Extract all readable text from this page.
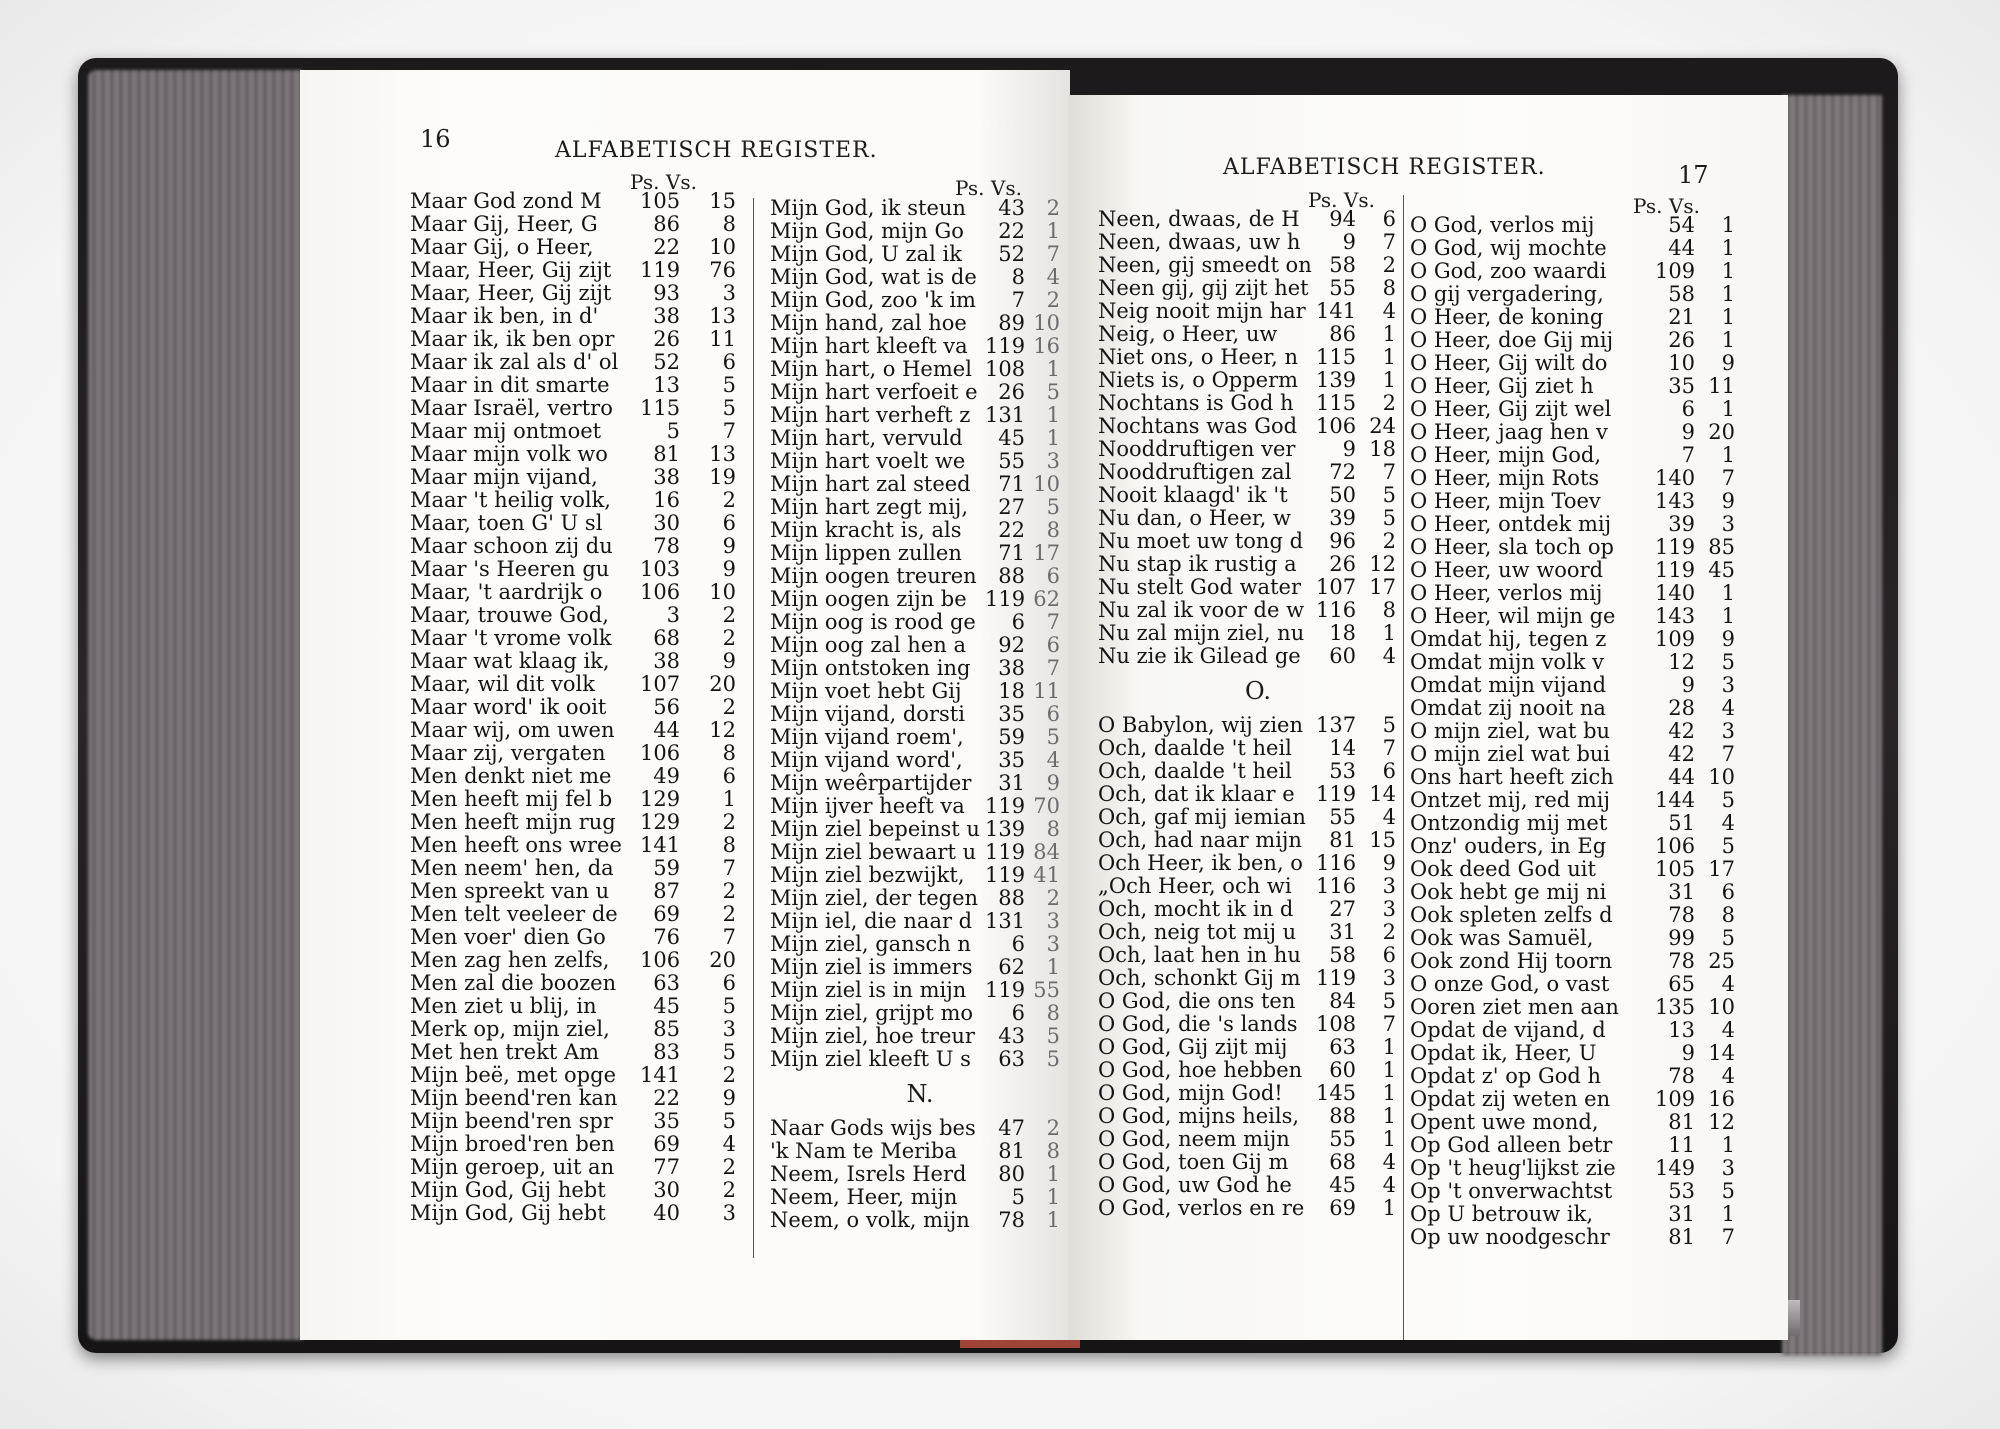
16	ALFABETISCH REGISTER.
Ps. Vs.
Maar God zond M 105 15
Maar Gij, Heer, G	86	8
Maar Gij, o Heer,	22 10
Maar, Heer, Gij zijt 119 76
Maar, Heer, Gij zijt	93	3
Maar ik ben, in d'	38 13
Maar ik, ik ben opr	26 11
Maar ik zal als d' ol	52	6
Maar in dit smarte	13	5
Maar Israël, vertro 115	5
Maar mij ontmoet	5	7
Maar mijn volk wo	81 13
Maar mijn vijand,	38 19
Maar 't heilig volk,	16	2
Maar, toen G' U sl	30	6
Maar schoon zij du	78	9
Maar 's Heeren gu 103	9
Maar, 't aardrijk o 106 10
Maar, trouwe God,	3	2
Maar 't vrome volk	68	2
Maar wat klaag ik,	38	9
Maar, wil dit volk 107 20
Maar word' ik ooit	56	2
Maar wij, om uwen	44 12
Maar zij, vergaten 106	8
Men denkt niet me	49	6
Men heeft mij fel b 129	1
Men heeft mijn rug 129	2
Men heeft ons wree 141	8
Men neem' hen, da	59	7
Men spreekt van u	87	2
Men telt veeleer de	69	2
Men voer' dien Go	76	7
Men zag hen zelfs, 106 20
Men zal die boozen	63	6
Men ziet u blij, in	45	5
Merk op, mijn ziel,	85	3
Met hen trekt Am	83	5
Mijn beë, met opge 141	2
Mijn beend'ren kan	22	9
Mijn beend'ren spr	35	5
Mijn broed'ren ben	69	4
Mijn geroep, uit an	77	2
Mijn God, Gij hebt	30	2
Mijn God, Gij hebt	40	3
Ps. Vs.
Mijn God, ik steun	43	2
Mijn God, mijn Go	22	1
Mijn God, U zal ik	52	7
Mijn God, wat is de	8	4
Mijn God, zoo 'k im	7	2
Mijn hand, zal hoe	89 10
Mijn hart kleeft va 119 16
Mijn hart, o Hemel 108	1
Mijn hart verfoeit e 26	5
Mijn hart verheft z 131	1
Mijn hart, vervuld	45	1
Mijn hart voelt we	55	3
Mijn hart zal steed	71 10
Mijn hart zegt mij,	27	5
Mijn kracht is, als	22	8
Mijn lippen zullen	71 17
Mijn oogen treuren	88	6
Mijn oogen zijn be 119 62
Mijn oog is rood ge	6	7
Mijn oog zal hen a	92	6
Mijn ontstoken ing	38	7
Mijn voet hebt Gij	18 11
Mijn vijand, dorsti	35	6
Mijn vijand roem',	59	5
Mijn vijand word',	35	4
Mijn weêrpartijder	31	9
Mijn ijver heeft va 119 70
Mijn ziel bepeinst u 139	8
Mijn ziel bewaart u 119 84
Mijn ziel bezwijkt, 119 41
Mijn ziel, der tegen 88	2
Mijn iel, die naar d 131	3
Mijn ziel, gansch n	6	3
Mijn ziel is immers	62	1
Mijn ziel is in mijn 119 55
Mijn ziel, grijpt mo	6	8
Mijn ziel, hoe treur	43	5
Mijn ziel kleeft U s	63	5
N.
Naar Gods wijs bes	47	2
'k Nam te Meriba	81	8
Neem, Isrels Herd	80	1
Neem, Heer, mijn	5	1
Neem, o volk, mijn	78	1
ALFABETISCH REGISTER.	17
Ps. Vs.
Neen, dwaas, de H	94	6
Neen, dwaas, uw h	9	7
Neen, gij smeedt on 58	2
Neen gij, gij zijt het 55	8
Neig nooit mijn har 141	4
Neig, o Heer, uw	86	1
Niet ons, o Heer, n 115	1
Niets is, o Opperm 139	1
Nochtans is God h 115	2
Nochtans was God 106 24
Nooddruftigen ver	9 18
Nooddruftigen zal	72	7
Nooit klaagd' ik 't	50	5
Nu dan, o Heer, w	39	5
Nu moet uw tong d	96	2
Nu stap ik rustig a	26 12
Nu stelt God water 107 17
Nu zal ik voor de w 116	8
Nu zal mijn ziel, nu	18	1
Nu zie ik Gilead ge	60	4
O.
O Babylon, wij zien 137	5
Och, daalde 't heil	14	7
Och, daalde 't heil	53	6
Och, dat ik klaar e 119 14
Och, gaf mij iemian	55	4
Och, had naar mijn	81 15
Och Heer, ik ben, o 116	9
„Och Heer, och wi 116	3
Och, mocht ik in d	27	3
Och, neig tot mij u	31	2
Och, laat hen in hu	58	6
Och, schonkt Gij m 119	3
O God, die ons ten	84	5
O God, die 's lands 108	7
O God, Gij zijt mij	63	1
O God, hoe hebben	60	1
O God, mijn God! 145	1
O God, mijns heils,	88	1
O God, neem mijn	55	1
O God, toen Gij m	68	4
O God, uw God he	45	4
O God, verlos en re	69	1
Ps. Vs.
O God, verlos mij	54	1
O God, wij mochte	44	1
O God, zoo waardi 109	1
O gij vergadering,	58	1
O Heer, de koning	21	1
O Heer, doe Gij mij	26	1
O Heer, Gij wilt do	10	9
O Heer, Gij ziet h	35 11
O Heer, Gij zijt wel	6	1
O Heer, jaag hen v	9 20
O Heer, mijn God,	7	1
O Heer, mijn Rots	140	7
O Heer, mijn Toev	143	9
O Heer, ontdek mij	39	3
O Heer, sla toch op 119 85
O Heer, uw woord 119 45
O Heer, verlos mij	140	1
O Heer, wil mijn ge 143	1
Omdat hij, tegen z 109	9
Omdat mijn volk v	12	5
Omdat mijn vijand	9	3
Omdat zij nooit na	28	4
O mijn ziel, wat bu	42	3
O mijn ziel wat bui	42	7
Ons hart heeft zich	44 10
Ontzet mij, red mij 144	5
Ontzondig mij met	51	4
Onz' ouders, in Eg 106	5
Ook deed God uit	105 17
Ook hebt ge mij ni	31	6
Ook spleten zelfs d	78	8
Ook was Samuël,	99	5
Ook zond Hij toorn	78 25
O onze God, o vast	65	4
Ooren ziet men aan 135 10
Opdat de vijand, d	13	4
Opdat ik, Heer, U	9 14
Opdat z' op God h	78	4
Opdat zij weten en 109 16
Opent uwe mond,	81 12
Op God alleen betr	11	1
Op 't heug'lijkst zie 149	3
Op 't onverwachtst	53	5
Op U betrouw ik,	31	1
Op uw noodgeschr	81	7
